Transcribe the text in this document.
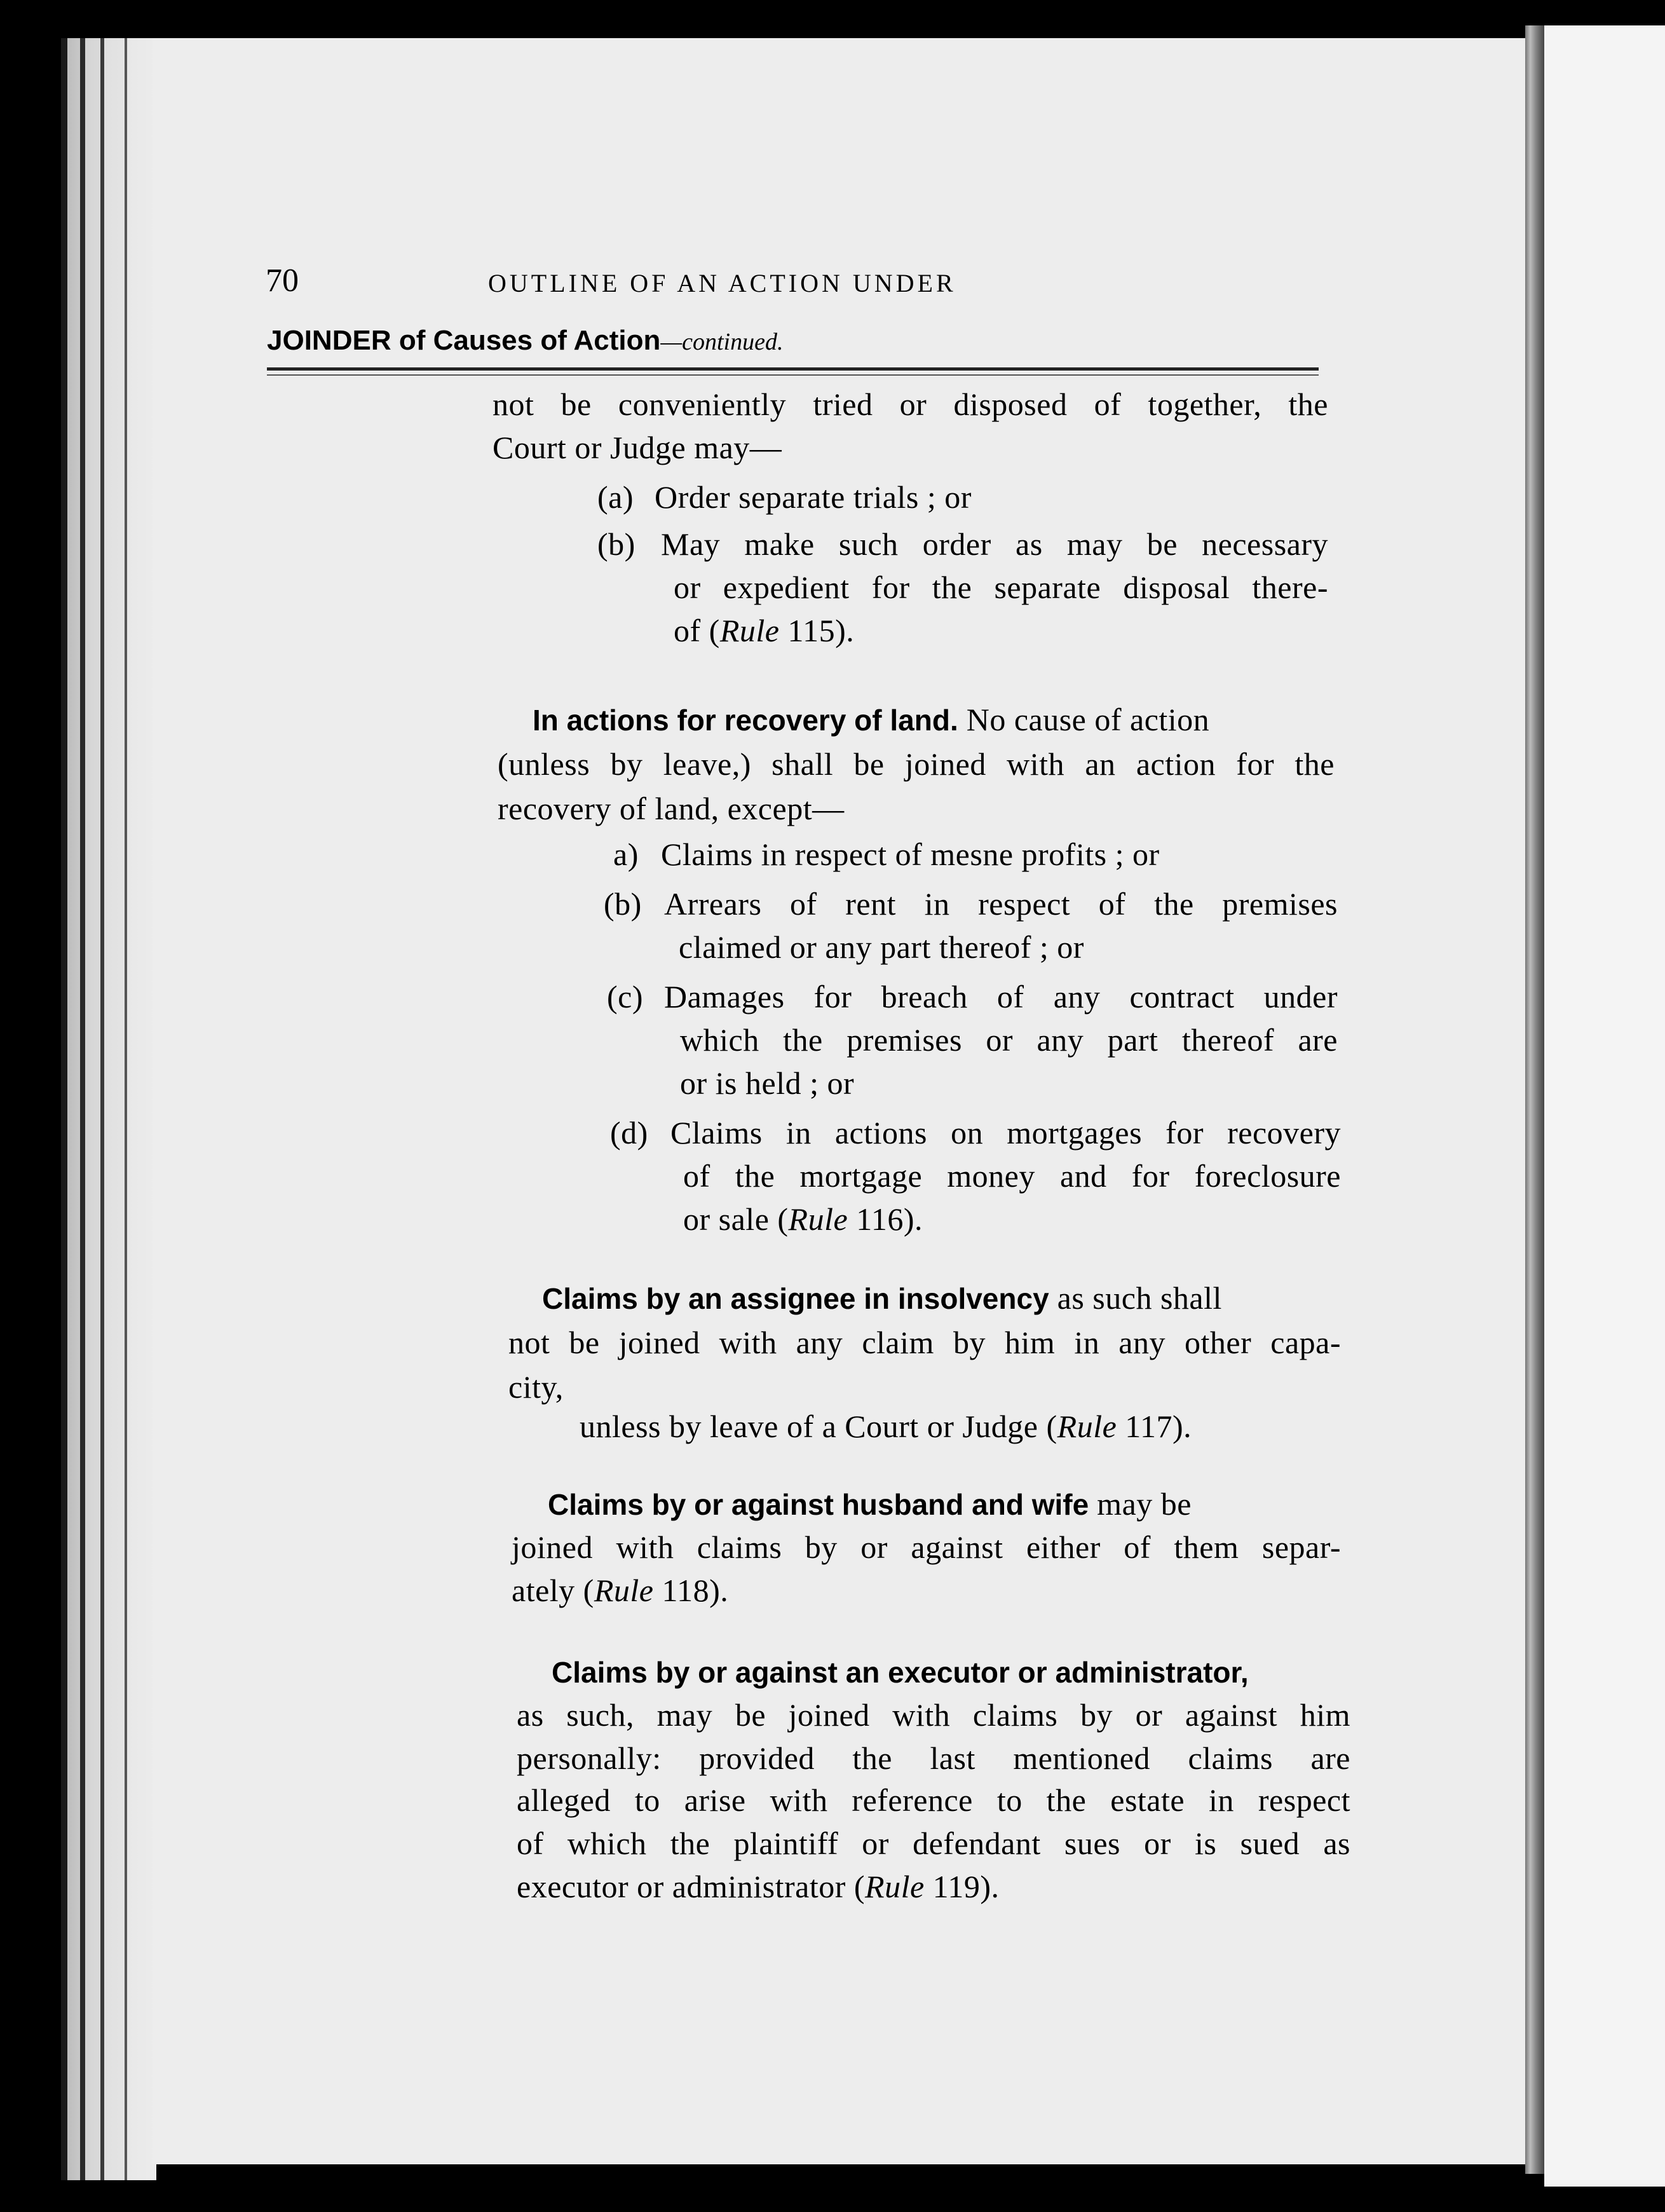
70	OUTLINE OF AN ACTION UNDER
JOINDER of Causes of Action—continued.
not be conveniently tried or disposed of together, the
Court or Judge may—
(a) Order separate trials ; or
(b) May make such order as may be necessary
or expedient for the separate disposal there-
of (Rule 115).
In actions for recovery of land. No cause of action
(unless by leave,) shall be joined with an action for the
recovery of land, except—
a) Claims in respect of mesne profits ; or
(b) Arrears of rent in respect of the premises
claimed or any part thereof ; or
(c) Damages for breach of any contract under
which the premises or any part thereof are
or is held ; or
(d) Claims in actions on mortgages for recovery
of the mortgage money and for foreclosure
or sale (Rule 116).
Claims by an assignee in insolvency as such shall
not be joined with any claim by him in any other capa-
city,
unless by leave of a Court or Judge (Rule 117).
Claims by or against husband and wife may be
joined with claims by or against either of them separ-
ately (Rule 118).
Claims by or against an executor or administrator,
as such, may be joined with claims by or against him
personally: provided the last mentioned claims are
alleged to arise with reference to the estate in respect
of which the plaintiff or defendant sues or is sued as
executor or administrator (Rule 119).
